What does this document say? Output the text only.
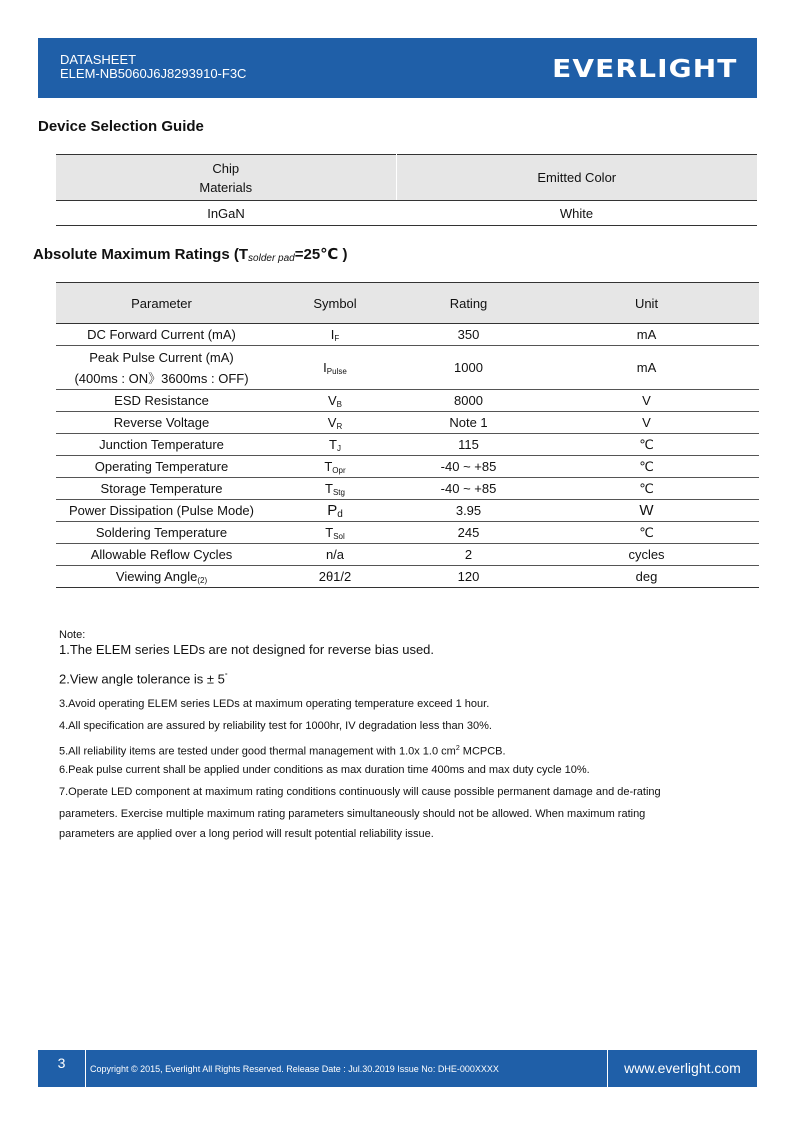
DATASHEET
ELEM-NB5060J6J8293910-F3C	EVERLIGHT
Device Selection Guide
Chip
Materials	Emitted Color
InGaN	White
Absolute Maximum Ratings ($T_{solder pad}=25℃$ )
Parameter	Symbol	Rating	Unit
DC Forward Current (mA)	$I_F$	350	mA
Peak Pulse Current (mA)
(400ms : ON》3600ms : OFF)	$I_{Pulse}$	1000	mA
ESD Resistance	$V_B$	8000	V
Reverse Voltage	$V_R$	Note 1	V
Junction Temperature	$T_J$	115	℃
Operating Temperature	$T_{Opr}$	-40 ~ +85	℃
Storage Temperature	$T_{Stg}$	-40 ~ +85	℃
Power Dissipation (Pulse Mode)	$P_d$	3.95	W
Soldering Temperature	$T_{Sol}$	245	℃
Allowable Reflow Cycles	n/a	2	cycles
Viewing Angle(2)	2θ1/2	120	deg
Note:
1.The ELEM series LEDs are not designed for reverse bias used.
2.View angle tolerance is ± 5°
3.Avoid operating ELEM series LEDs at maximum operating temperature exceed 1 hour.
4.All specification are assured by reliability test for 1000hr, IV degradation less than 30%.
5.All reliability items are tested under good thermal management with 1.0x 1.0 $cm^2$ MCPCB.
6.Peak pulse current shall be applied under conditions as max duration time 400ms and max duty cycle 10%.
7.Operate LED component at maximum rating conditions continuously will cause possible permanent damage and de-rating
parameters. Exercise multiple maximum rating parameters simultaneously should not be allowed. When maximum rating
parameters are applied over a long period will result potential reliability issue.
3	Copyright © 2015, Everlight All Rights Reserved. Release Date : Jul.30.2019 Issue No: DHE-000XXXX	www.everlight.com
